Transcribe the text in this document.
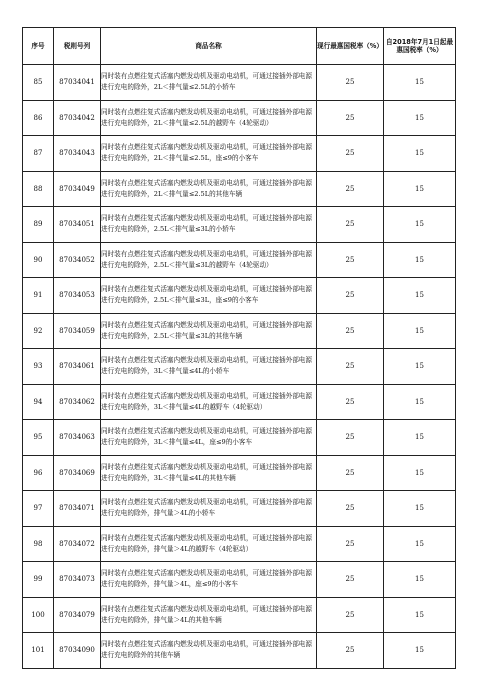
序号	税则号列	商品名称	现行最惠国税率（%）	自2018年7月1日起最惠国税率（%）
85	87034041	同时装有点燃往复式活塞内燃发动机及驱动电动机，可通过接插外部电源进行充电的除外，2L＜排气量≤2.5L的小轿车	25	15
86	87034042	同时装有点燃往复式活塞内燃发动机及驱动电动机，可通过接插外部电源进行充电的除外，2L＜排气量≤2.5L的越野车（4轮驱动）	25	15
87	87034043	同时装有点燃往复式活塞内燃发动机及驱动电动机，可通过接插外部电源进行充电的除外，2L＜排气量≤2.5L，座≤9的小客车	25	15
88	87034049	同时装有点燃往复式活塞内燃发动机及驱动电动机，可通过接插外部电源进行充电的除外，2L＜排气量≤2.5L的其他车辆	25	15
89	87034051	同时装有点燃往复式活塞内燃发动机及驱动电动机，可通过接插外部电源进行充电的除外，2.5L＜排气量≤3L的小轿车	25	15
90	87034052	同时装有点燃往复式活塞内燃发动机及驱动电动机，可通过接插外部电源进行充电的除外，2.5L＜排气量≤3L的越野车（4轮驱动）	25	15
91	87034053	同时装有点燃往复式活塞内燃发动机及驱动电动机，可通过接插外部电源进行充电的除外，2.5L＜排气量≤3L，座≤9的小客车	25	15
92	87034059	同时装有点燃往复式活塞内燃发动机及驱动电动机，可通过接插外部电源进行充电的除外，2.5L＜排气量≤3L的其他车辆	25	15
93	87034061	同时装有点燃往复式活塞内燃发动机及驱动电动机，可通过接插外部电源进行充电的除外，3L＜排气量≤4L的小轿车	25	15
94	87034062	同时装有点燃往复式活塞内燃发动机及驱动电动机，可通过接插外部电源进行充电的除外，3L＜排气量≤4L的越野车（4轮驱动）	25	15
95	87034063	同时装有点燃往复式活塞内燃发动机及驱动电动机，可通过接插外部电源进行充电的除外，3L＜排气量≤4L，座≤9的小客车	25	15
96	87034069	同时装有点燃往复式活塞内燃发动机及驱动电动机，可通过接插外部电源进行充电的除外，3L＜排气量≤4L的其他车辆	25	15
97	87034071	同时装有点燃往复式活塞内燃发动机及驱动电动机，可通过接插外部电源进行充电的除外，排气量＞4L的小轿车	25	15
98	87034072	同时装有点燃往复式活塞内燃发动机及驱动电动机，可通过接插外部电源进行充电的除外，排气量＞4L的越野车（4轮驱动）	25	15
99	87034073	同时装有点燃往复式活塞内燃发动机及驱动电动机，可通过接插外部电源进行充电的除外，排气量＞4L，座≤9的小客车	25	15
100	87034079	同时装有点燃往复式活塞内燃发动机及驱动电动机，可通过接插外部电源进行充电的除外，排气量＞4L的其他车辆	25	15
101	87034090	同时装有点燃往复式活塞内燃发动机及驱动电动机，可通过接插外部电源进行充电的除外的其他车辆	25	15
